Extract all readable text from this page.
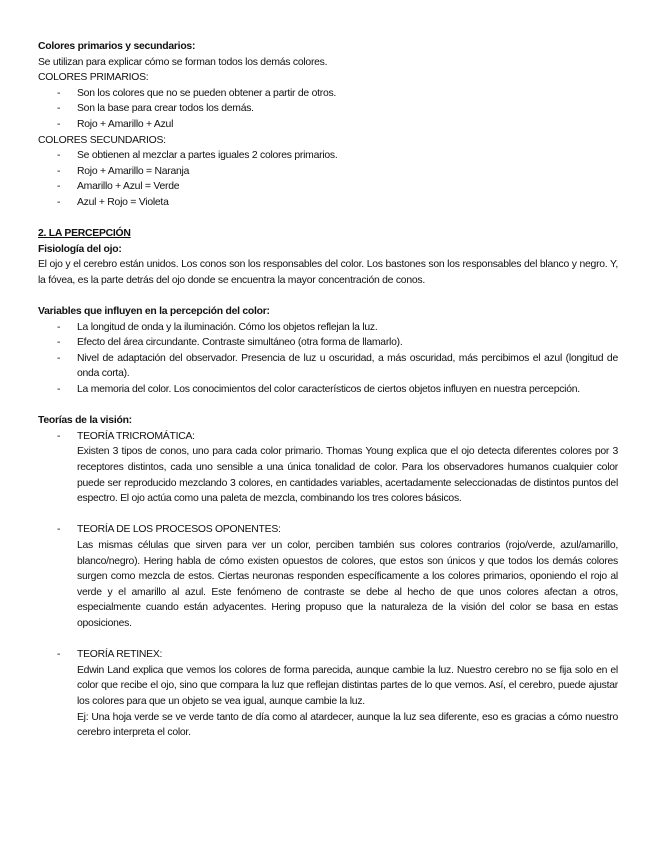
Colores primarios y secundarios:
Se utilizan para explicar cómo se forman todos los demás colores.
COLORES PRIMARIOS:
- Son los colores que no se pueden obtener a partir de otros.
- Son la base para crear todos los demás.
- Rojo + Amarillo + Azul
COLORES SECUNDARIOS:
- Se obtienen al mezclar a partes iguales 2 colores primarios.
- Rojo + Amarillo = Naranja
- Amarillo + Azul = Verde
- Azul + Rojo = Violeta
2. LA PERCEPCIÓN
Fisiología del ojo:
El ojo y el cerebro están unidos. Los conos son los responsables del color. Los bastones son los responsables del blanco y negro. Y, la fóvea, es la parte detrás del ojo donde se encuentra la mayor concentración de conos.
Variables que influyen en la percepción del color:
- La longitud de onda y la iluminación. Cómo los objetos reflejan la luz.
- Efecto del área circundante. Contraste simultáneo (otra forma de llamarlo).
- Nivel de adaptación del observador. Presencia de luz u oscuridad, a más oscuridad, más percibimos el azul (longitud de onda corta).
- La memoria del color. Los conocimientos del color característicos de ciertos objetos influyen en nuestra percepción.
Teorías de la visión:
- TEORÍA TRICROMÁTICA:
Existen 3 tipos de conos, uno para cada color primario. Thomas Young explica que el ojo detecta diferentes colores por 3 receptores distintos, cada uno sensible a una única tonalidad de color. Para los observadores humanos cualquier color puede ser reproducido mezclando 3 colores, en cantidades variables, acertadamente seleccionadas de distintos puntos del espectro. El ojo actúa como una paleta de mezcla, combinando los tres colores básicos.
- TEORÍA DE LOS PROCESOS OPONENTES:
Las mismas células que sirven para ver un color, perciben también sus colores contrarios (rojo/verde, azul/amarillo, blanco/negro). Hering habla de cómo existen opuestos de colores, que estos son únicos y que todos los demás colores surgen como mezcla de estos. Ciertas neuronas responden específicamente a los colores primarios, oponiendo el rojo al verde y el amarillo al azul. Este fenómeno de contraste se debe al hecho de que unos colores afectan a otros, especialmente cuando están adyacentes. Hering propuso que la naturaleza de la visión del color se basa en estas oposiciones.
- TEORÍA RETINEX:
Edwin Land explica que vemos los colores de forma parecida, aunque cambie la luz. Nuestro cerebro no se fija solo en el color que recibe el ojo, sino que compara la luz que reflejan distintas partes de lo que vemos. Así, el cerebro, puede ajustar los colores para que un objeto se vea igual, aunque cambie la luz.
Ej: Una hoja verde se ve verde tanto de día como al atardecer, aunque la luz sea diferente, eso es gracias a cómo nuestro cerebro interpreta el color.
